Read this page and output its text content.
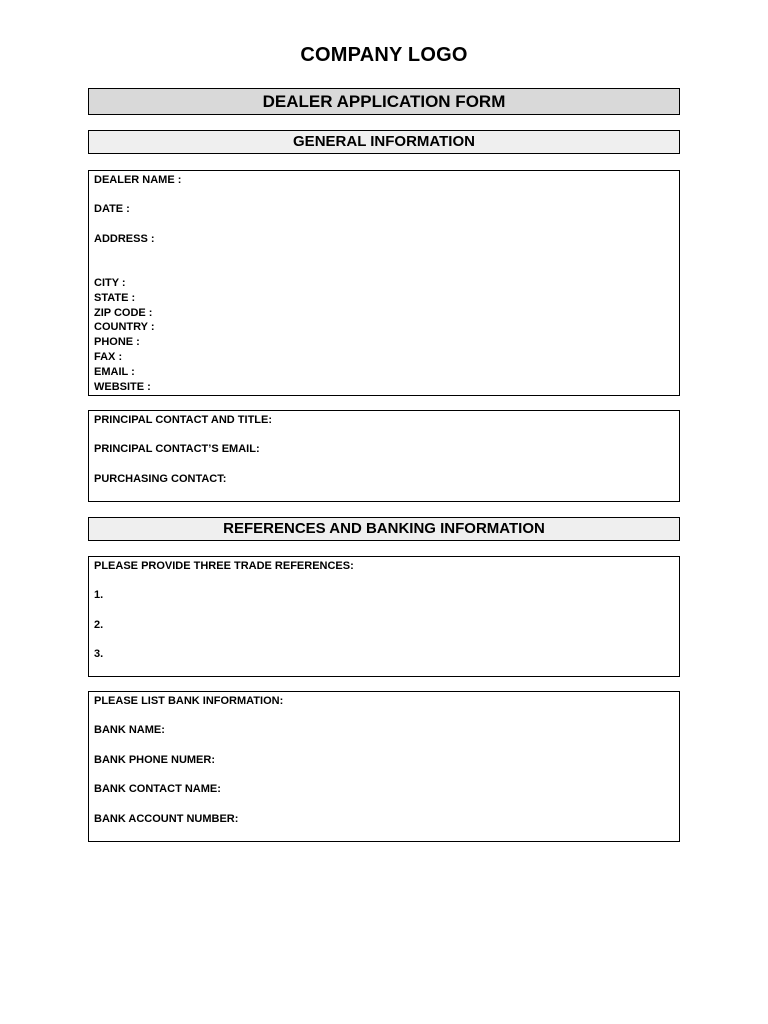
COMPANY LOGO
DEALER APPLICATION FORM
GENERAL INFORMATION
DEALER NAME :
DATE :
ADDRESS :
CITY :
STATE :
ZIP CODE :
COUNTRY :
PHONE :
FAX :
EMAIL :
WEBSITE :
PRINCIPAL CONTACT AND TITLE:
PRINCIPAL CONTACT’S EMAIL:
PURCHASING CONTACT:
REFERENCES AND BANKING INFORMATION
PLEASE PROVIDE THREE TRADE REFERENCES:
1.
2.
3.
PLEASE LIST BANK INFORMATION:
BANK NAME:
BANK PHONE NUMER:
BANK CONTACT NAME:
BANK ACCOUNT NUMBER:
